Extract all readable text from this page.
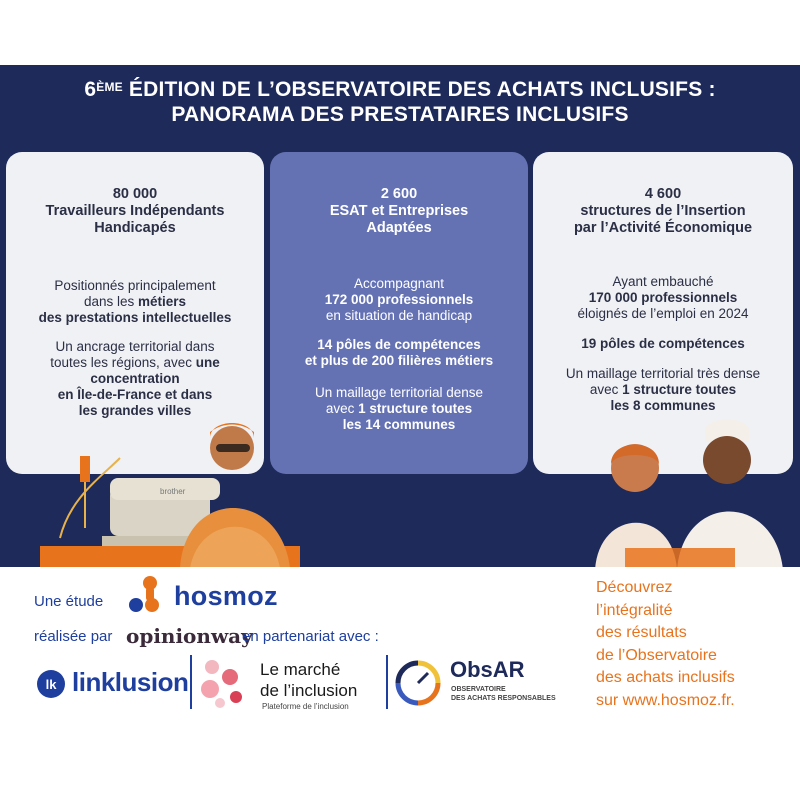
6ÈME ÉDITION DE L’OBSERVATOIRE DES ACHATS INCLUSIFS :
PANORAMA DES PRESTATAIRES INCLUSIFS
80 000
Travailleurs Indépendants
Handicapés
Positionnés principalement
dans les métiers
des prestations intellectuelles
Un ancrage territorial dans
toutes les régions, avec une
concentration
en Île-de-France et dans
les grandes villes
2 600
ESAT et Entreprises
Adaptées
Accompagnant
172 000 professionnels
en situation de handicap
14 pôles de compétences
et plus de 200 filières métiers
Un maillage territorial dense
avec 1 structure toutes
les 14 communes
4 600
structures de l’Insertion
par l’Activité Économique
Ayant embauché
170 000 professionnels
éloignés de l’emploi en 2024
19 pôles de compétences
Un maillage territorial très dense
avec 1 structure toutes
les 8 communes
brother
Une étude	hosmoz
réalisée par opinionway
en partenariat avec :
lk linklusion	Le marché
de l’inclusion
Plateforme de l’inclusion
ObsAR
OBSERVATOIRE
DES ACHATS RESPONSABLES
Découvrez
l’intégralité
des résultats
de l’Observatoire
des achats inclusifs
sur www.hosmoz.fr.
